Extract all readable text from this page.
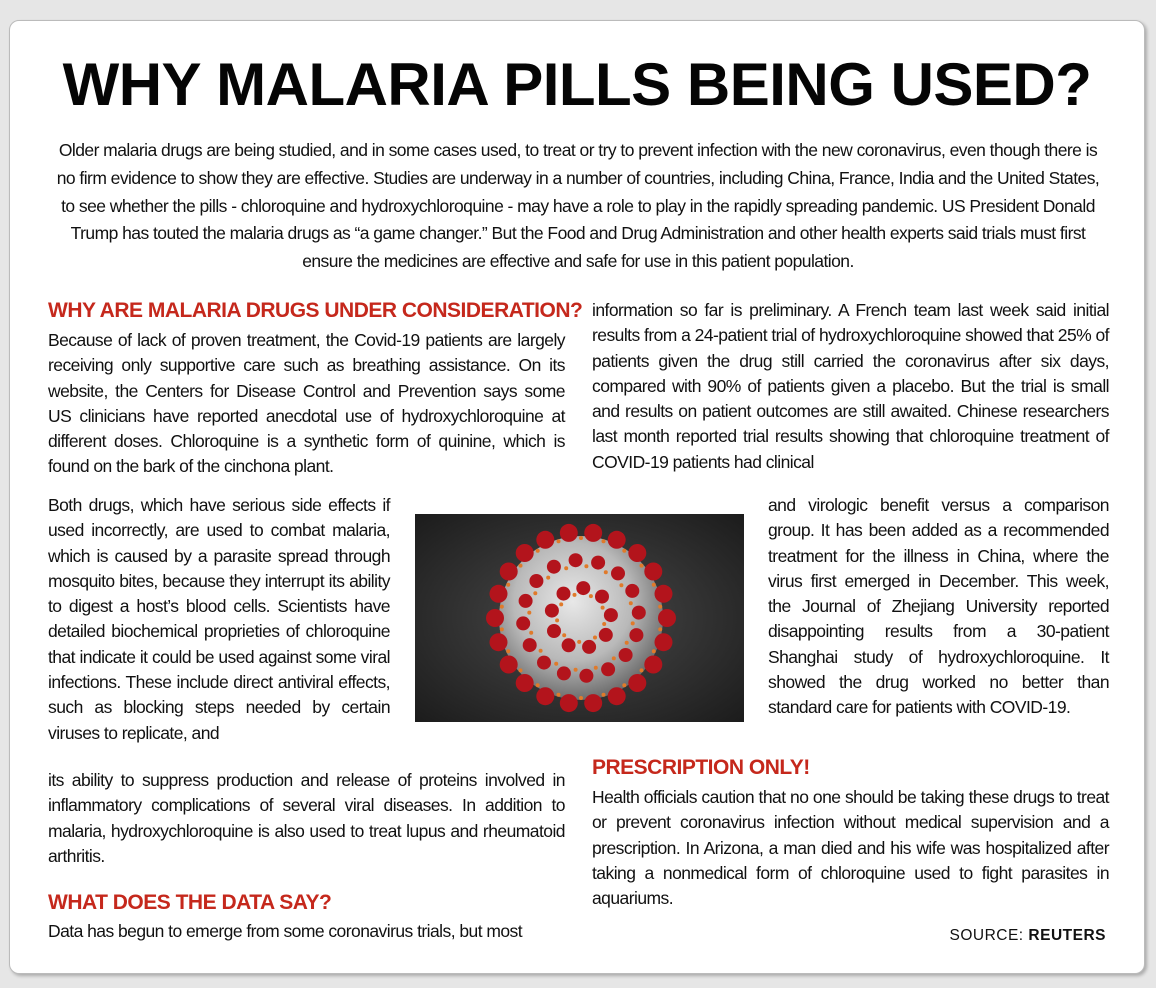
WHY MALARIA PILLS BEING USED?
Older malaria drugs are being studied, and in some cases used, to treat or try to prevent infection with the new coronavirus, even though there is no firm evidence to show they are effective. Studies are underway in a number of countries, including China, France, India and the United States, to see whether the pills - chloroquine and hydroxychloroquine - may have a role to play in the rapidly spreading pandemic. US President Donald Trump has touted the malaria drugs as “a game changer.” But the Food and Drug Administration and other health experts said trials must first ensure the medicines are effective and safe for use in this patient population.
WHY ARE MALARIA DRUGS UNDER CONSIDERATION?

Because of lack of proven treatment, the Covid-19 patients are largely receiving only supportive care such as breathing assistance. On its website, the Centers for Disease Control and Prevention says some US clinicians have reported anecdotal use of hydroxychloroquine at different doses. Chloroquine is a synthetic form of quinine, which is found on the bark of the cinchona plant.

Both drugs, which have serious side effects if used incorrectly, are used to combat malaria, which is caused by a parasite spread through mosquito bites, because they interrupt its ability to digest a host’s blood cells. Scientists have detailed biochemical proprieties of chloroquine that indicate it could be used against some viral infections. These include direct antiviral effects, such as blocking steps needed by certain viruses to replicate, and

its ability to suppress production and release of proteins involved in inflammatory complications of several viral diseases. In addition to malaria, hydroxychloroquine is also used to treat lupus and rheumatoid arthritis.

WHAT DOES THE DATA SAY?

Data has begun to emerge from some coronavirus trials, but most

information so far is preliminary. A French team last week said initial results from a 24-patient trial of hydroxychloroquine showed that 25% of patients given the drug still carried the coronavirus after six days, compared with 90% of patients given a placebo. But the trial is small and results on patient outcomes are still awaited. Chinese researchers last month reported trial results showing that chloroquine treatment of COVID-19 patients had clinical

and virologic benefit versus a comparison group. It has been added as a recommended treatment for the illness in China, where the virus first emerged in December. This week, the Journal of Zhejiang University reported disappointing results from a 30-patient Shanghai study of hydroxychloroquine. It showed the drug worked no better than standard care for patients with COVID-19.

PRESCRIPTION ONLY!

Health officials caution that no one should be taking these drugs to treat or prevent coronavirus infection without medical supervision and a prescription. In Arizona, a man died and his wife was hospitalized after taking a nonmedical form of chloroquine used to fight parasites in aquariums.

SOURCE: REUTERS
